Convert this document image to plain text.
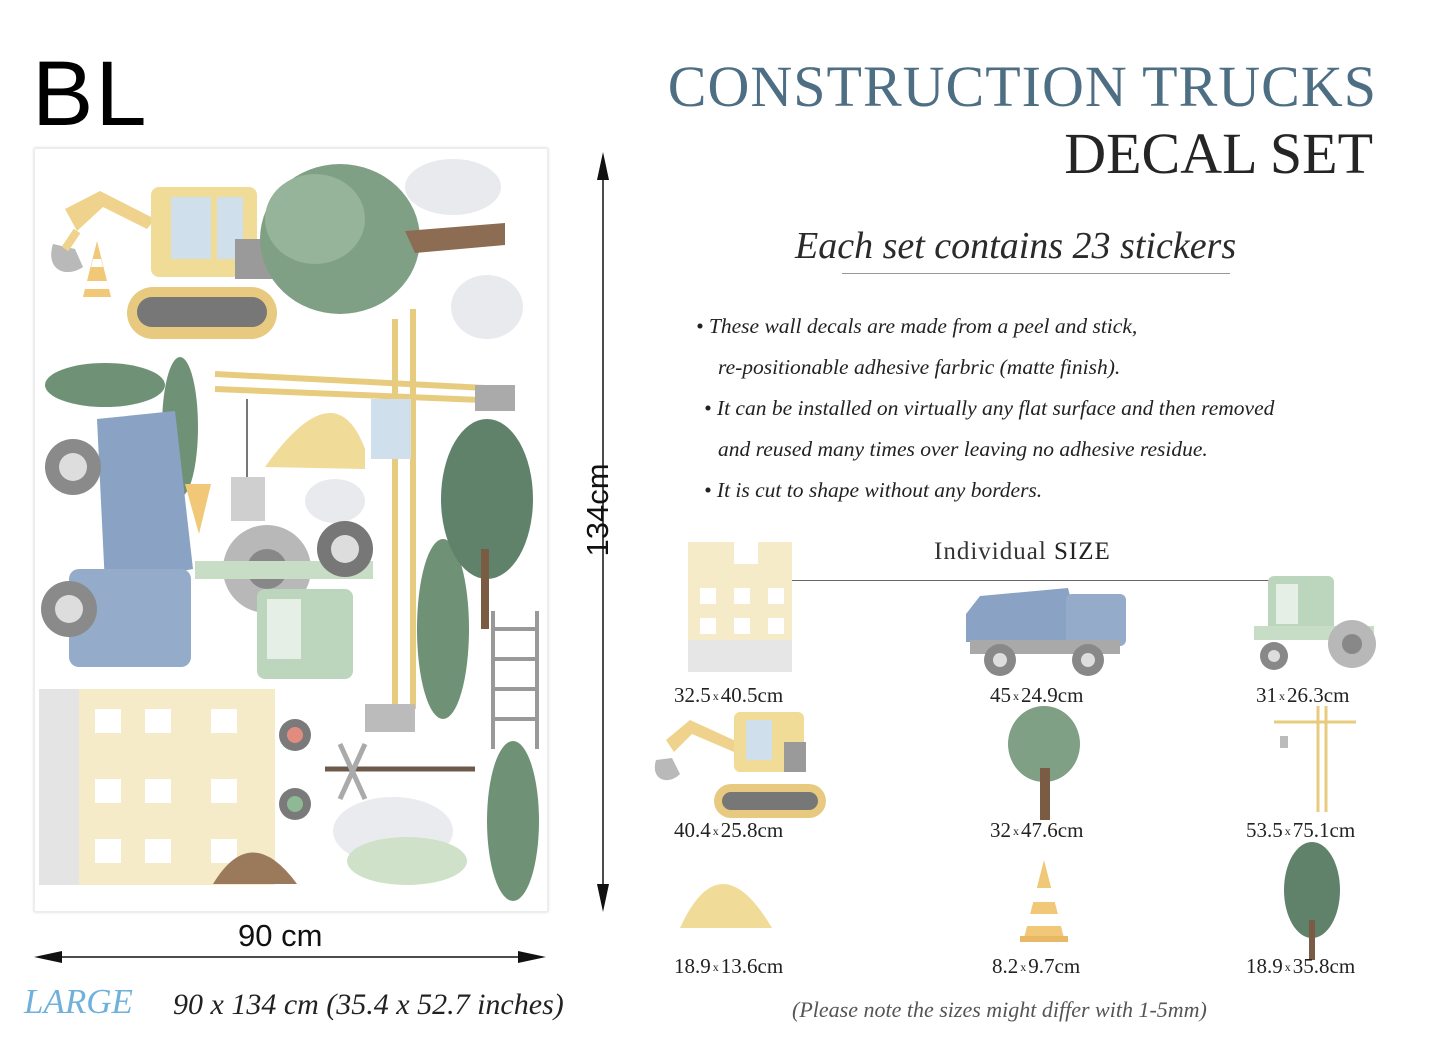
BL
90 cm
134cm
CONSTRUCTION TRUCKS
DECAL SET
Each set contains 23 stickers
• These wall decals are made from a peel and stick,
re-positionable adhesive farbric (matte finish).
• It can be installed on virtually any flat surface and then removed
and reused many times over leaving no adhesive residue.
• It is cut to shape without any borders.
Individual SIZE
32.5 x40.5cm	45 x24.9cm	31 x26.3cm
40.4 x25.8cm	32 x47.6cm	53.5 x75.1cm
18.9 x13.6cm	8.2 x9.7cm	18.9 x35.8cm
LARGE 90 x 134 cm (35.4 x 52.7 inches)	(Please note the sizes might differ with 1-5mm)
